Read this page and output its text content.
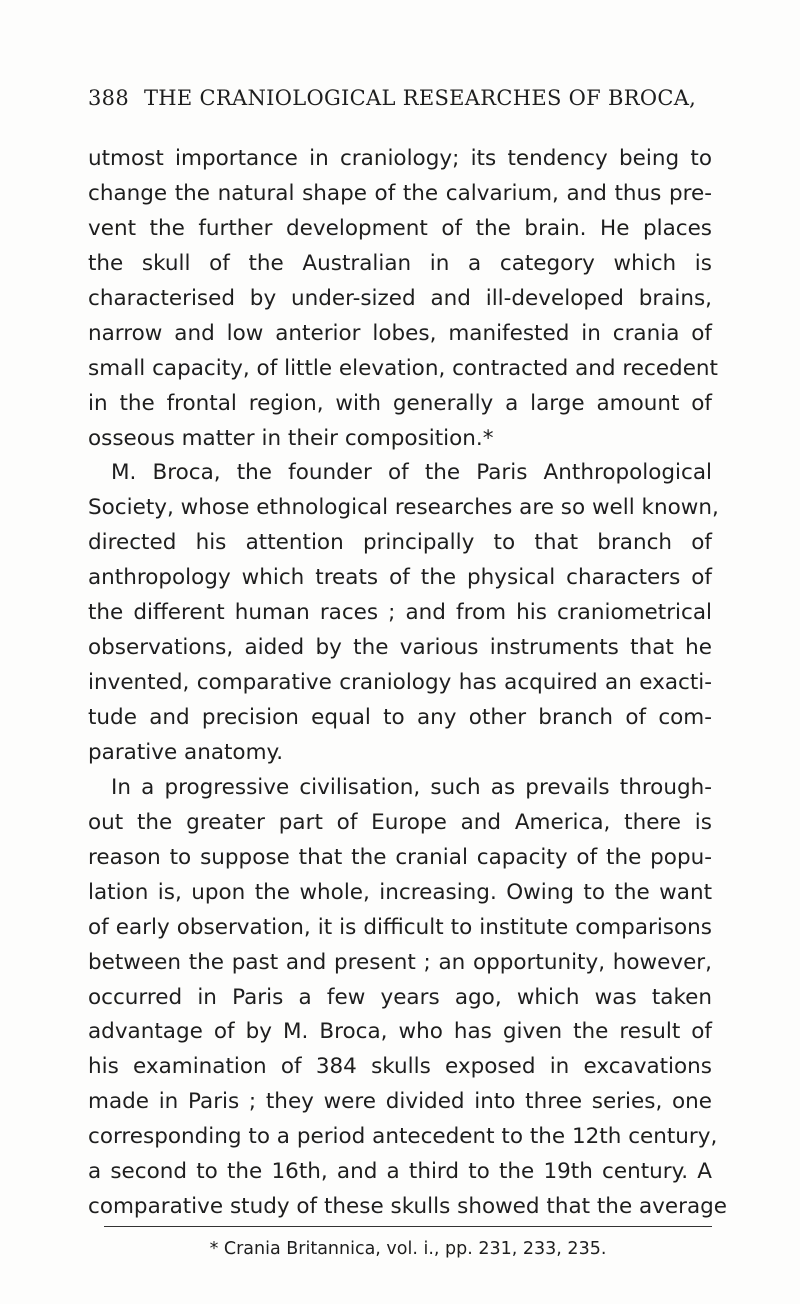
388 THE CRANIOLOGICAL RESEARCHES OF BROCA,
utmost importance in craniology; its tendency being to
change the natural shape of the calvarium, and thus pre-
vent the further development of the brain. He places
the skull of the Australian in a category which is
characterised by under-sized and ill-developed brains,
narrow and low anterior lobes, manifested in crania of
small capacity, of little elevation, contracted and recedent
in the frontal region, with generally a large amount of
osseous matter in their composition.*
M. Broca, the founder of the Paris Anthropological
Society, whose ethnological researches are so well known,
directed his attention principally to that branch of
anthropology which treats of the physical characters of
the different human races ; and from his craniometrical
observations, aided by the various instruments that he
invented, comparative craniology has acquired an exacti-
tude and precision equal to any other branch of com-
parative anatomy.
In a progressive civilisation, such as prevails through-
out the greater part of Europe and America, there is
reason to suppose that the cranial capacity of the popu-
lation is, upon the whole, increasing. Owing to the want
of early observation, it is difficult to institute comparisons
between the past and present ; an opportunity, however,
occurred in Paris a few years ago, which was taken
advantage of by M. Broca, who has given the result of
his examination of 384 skulls exposed in excavations
made in Paris ; they were divided into three series, one
corresponding to a period antecedent to the 12th century,
a second to the 16th, and a third to the 19th century. A
comparative study of these skulls showed that the average
* Crania Britannica, vol. i., pp. 231, 233, 235.
